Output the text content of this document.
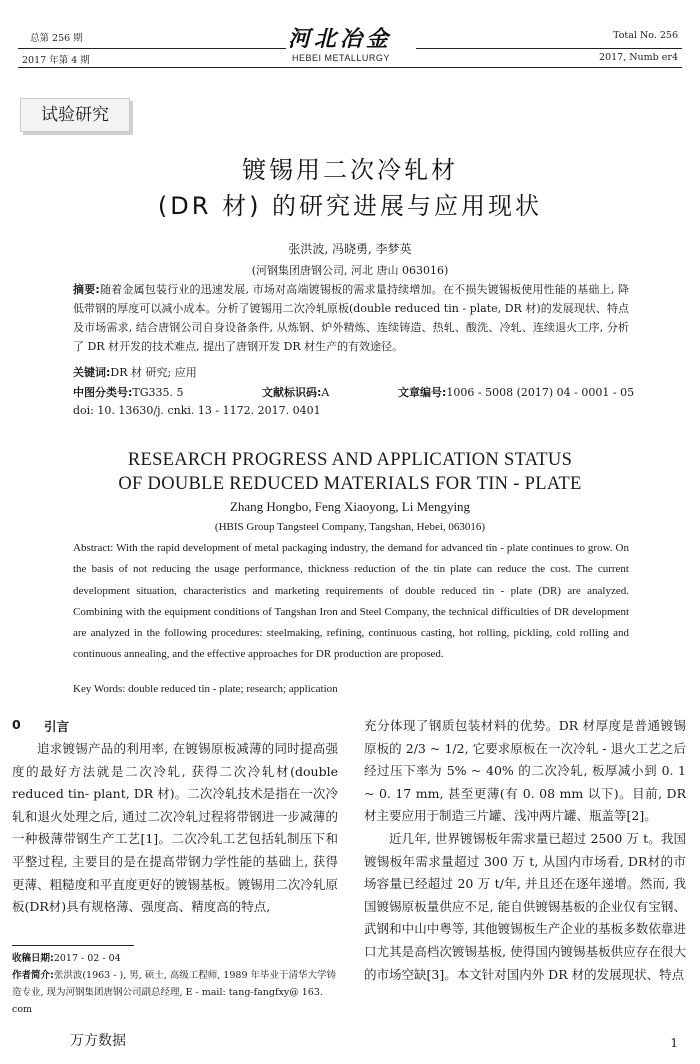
总第 256 期
2017 年第 4 期
河北冶金
HEBEI METALLURGY
Total No. 256
2017, Numb er4
试验研究
镀锡用二次冷轧材
(DR 材) 的研究进展与应用现状
张洪波, 冯晓勇, 李梦英
(河钢集团唐钢公司, 河北 唐山 063016)
摘要:随着金属包装行业的迅速发展, 市场对高端镀锡板的需求量持续增加。在不损失镀锡板使用性能的基础上, 降低带钢的厚度可以减小成本。分析了镀锡用二次冷轧原板(double reduced tin - plate, DR 材)的发展现状、特点及市场需求, 结合唐钢公司自身设备条件, 从炼钢、炉外精炼、连续铸造、热轧、酸洗、冷轧、连续退火工序, 分析了 DR 材开发的技术难点, 提出了唐钢开发 DR 材生产的有效途径。
关键词:DR 材 研究; 应用
中图分类号:TG335. 5	文献标识码:A	文章编号:1006 - 5008 (2017) 04 - 0001 - 05
doi: 10. 13630/j. cnki. 13 - 1172. 2017. 0401
RESEARCH PROGRESS AND APPLICATION STATUS
OF DOUBLE REDUCED MATERIALS FOR TIN - PLATE
Zhang Hongbo, Feng Xiaoyong, Li Mengying
(HBIS Group Tangsteel Company, Tangshan, Hebei, 063016)
Abstract: With the rapid development of metal packaging industry, the demand for advanced tin - plate continues to grow. On the basis of not reducing the usage performance, thickness reduction of the tin plate can reduce the cost. The current development situation, characteristics and marketing requirements of double reduced tin - plate (DR) are analyzed. Combining with the equipment conditions of Tangshan Iron and Steel Company, the technical difficulties of DR development are analyzed in the following procedures: steelmaking, refining, continuous casting, hot rolling, pickling, cold rolling and continuous annealing, and the effective approaches for DR production are proposed.
Key Words: double reduced tin - plate; research; application
0 引言

追求镀锡产品的利用率, 在镀锡原板减薄的同时提高强度的最好方法就是二次冷轧, 获得二次冷轧材(double reduced tin- plant, DR 材)。二次冷轧技术是指在一次冷轧和退火处理之后, 通过二次冷轧过程将带钢进一步减薄的一种极薄带钢生产工艺[1]。二次冷轧工艺包括轧制压下和平整过程, 主要目的是在提高带钢力学性能的基础上, 获得更薄、粗糙度和平直度更好的镀锡基板。镀锡用二次冷轧原板(DR材)具有规格薄、强度高、精度高的特点,

收稿日期:2017 - 02 - 04
作者简介:张洪波(1963 - ), 男, 硕士, 高级工程师, 1989 年毕业于清华大学铸造专业, 现为河钢集团唐钢公司副总经理, E - mail: tang-fangfxy@ 163. com

充分体现了钢质包装材料的优势。DR 材厚度是普通镀锡原板的 2/3 ~ 1/2, 它要求原板在一次冷轧 - 退火工艺之后经过压下率为 5% ~ 40% 的二次冷轧, 板厚减小到 0. 1 ~ 0. 17 mm, 甚至更薄(有 0. 08 mm 以下)。目前, DR 材主要应用于制造三片罐、浅冲两片罐、瓶盖等[2]。

近几年, 世界镀锡板年需求量已超过 2500 万 t。我国镀锡板年需求量超过 300 万 t, 从国内市场看, DR材的市场容量已经超过 20 万 t/年, 并且还在逐年递增。然而, 我国镀锡原板量供应不足, 能自供镀锡基板的企业仅有宝钢、武钢和中山中粤等, 其他镀锡板生产企业的基板多数依靠进口尤其是高档次镀锡基板, 使得国内镀锡基板供应存在很大的市场空缺[3]。本文针对国内外 DR 材的发展现状、特点

万方数据	1
